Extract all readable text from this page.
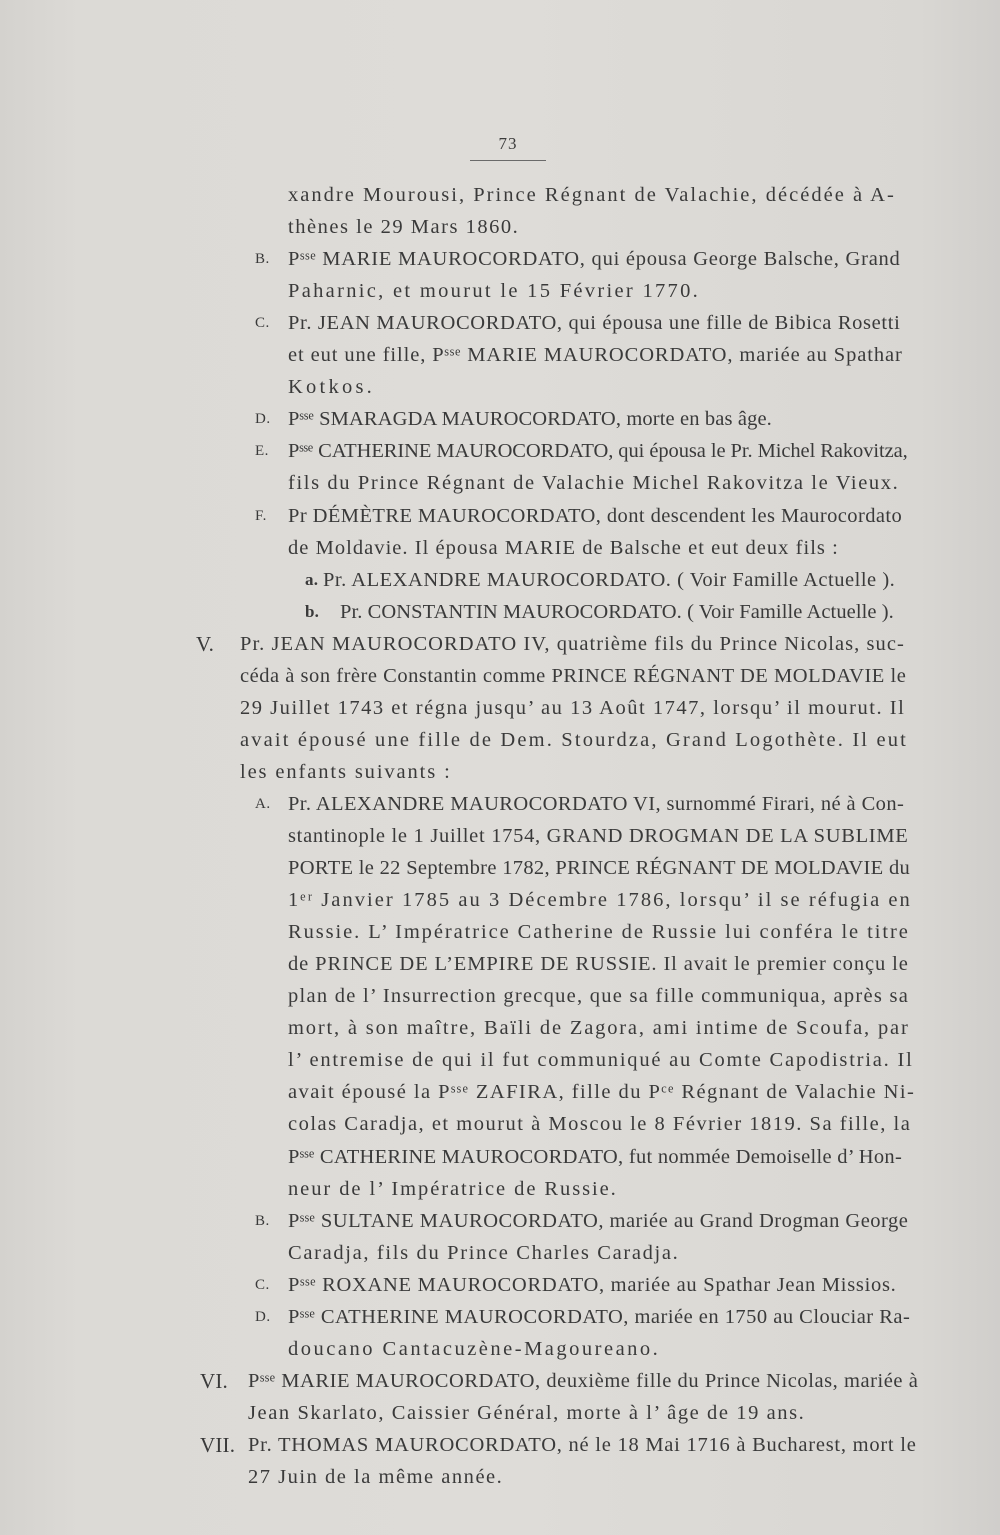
73
xandre Mourousi, Prince Régnant de Valachie, décédée à A-
thènes le 29 Mars 1860.
B. Pˢˢᵉ MARIE MAUROCORDATO, qui épousa George Balsche, Grand
Paharnic, et mourut le 15 Février 1770.
C. Pr. JEAN MAUROCORDATO, qui épousa une fille de Bibica Rosetti
et eut une fille, Pˢˢᵉ MARIE MAUROCORDATO, mariée au Spathar
Kotkos.
D. Pˢˢᵉ SMARAGDA MAUROCORDATO, morte en bas âge.
E. Pˢˢᵉ CATHERINE MAUROCORDATO, qui épousa le Pr. Michel Rakovitza,
fils du Prince Régnant de Valachie Michel Rakovitza le Vieux.
F. Pr DÉMÈTRE MAUROCORDATO, dont descendent les Maurocordato
de Moldavie. Il épousa MARIE de Balsche et eut deux fils :
a. Pr. ALEXANDRE MAUROCORDATO. ( Voir Famille Actuelle ).
b. Pr. CONSTANTIN MAUROCORDATO. ( Voir Famille Actuelle ).
V. Pr. JEAN MAUROCORDATO IV, quatrième fils du Prince Nicolas, suc-
céda à son frère Constantin comme PRINCE RÉGNANT DE MOLDAVIE le
29 Juillet 1743 et régna jusqu’ au 13 Août 1747, lorsqu’ il mourut. Il
avait épousé une fille de Dem. Stourdza, Grand Logothète. Il eut
les enfants suivants :
A. Pr. ALEXANDRE MAUROCORDATO VI, surnommé Firari, né à Con-
stantinople le 1 Juillet 1754, GRAND DROGMAN DE LA SUBLIME
PORTE le 22 Septembre 1782, PRINCE RÉGNANT DE MOLDAVIE du
1ᵉʳ Janvier 1785 au 3 Décembre 1786, lorsqu’ il se réfugia en
Russie. L’ Impératrice Catherine de Russie lui conféra le titre
de PRINCE DE L’EMPIRE DE RUSSIE. Il avait le premier conçu le
plan de l’ Insurrection grecque, que sa fille communiqua, après sa
mort, à son maître, Baïli de Zagora, ami intime de Scoufa, par
l’ entremise de qui il fut communiqué au Comte Capodistria. Il
avait épousé la Pˢˢᵉ ZAFIRA, fille du Pᶜᵉ Régnant de Valachie Ni-
colas Caradja, et mourut à Moscou le 8 Février 1819. Sa fille, la
Pˢˢᵉ CATHERINE MAUROCORDATO, fut nommée Demoiselle d’ Hon-
neur de l’ Impératrice de Russie.
B. Pˢˢᵉ SULTANE MAUROCORDATO, mariée au Grand Drogman George
Caradja, fils du Prince Charles Caradja.
C. Pˢˢᵉ ROXANE MAUROCORDATO, mariée au Spathar Jean Missios.
D. Pˢˢᵉ CATHERINE MAUROCORDATO, mariée en 1750 au Clouciar Ra-
doucano Cantacuzène-Magoureano.
VI. Pˢˢᵉ MARIE MAUROCORDATO, deuxième fille du Prince Nicolas, mariée à
Jean Skarlato, Caissier Général, morte à l’ âge de 19 ans.
VII. Pr. THOMAS MAUROCORDATO, né le 18 Mai 1716 à Bucharest, mort le
27 Juin de la même année.
